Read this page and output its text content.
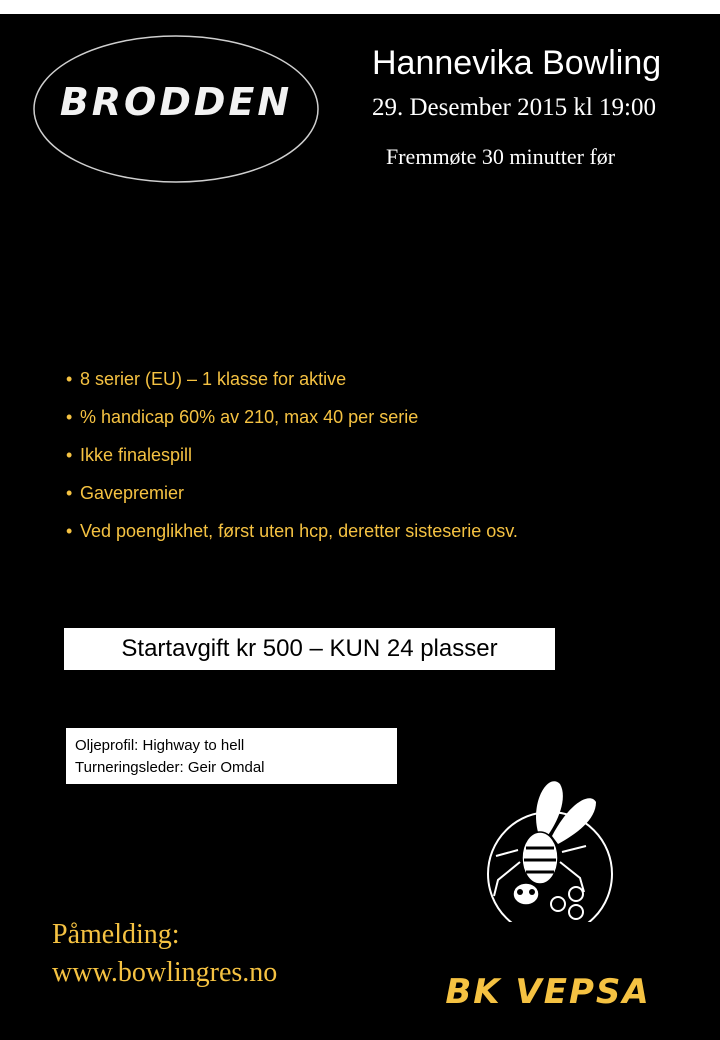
BRODDEN
Hannevika Bowling
29. Desember 2015 kl 19:00
Fremmøte 30 minutter før
• 8 serier (EU) – 1 klasse for aktive
• % handicap 60% av 210, max 40 per serie
• Ikke finalespill
• Gavepremier
• Ved poenglikhet, først uten hcp, deretter sisteserie osv.
Startavgift kr 500 – KUN 24 plasser
Oljeprofil: Highway to hell
Turneringsleder: Geir Omdal
Påmelding:
www.bowlingres.no	BK VEPSA
